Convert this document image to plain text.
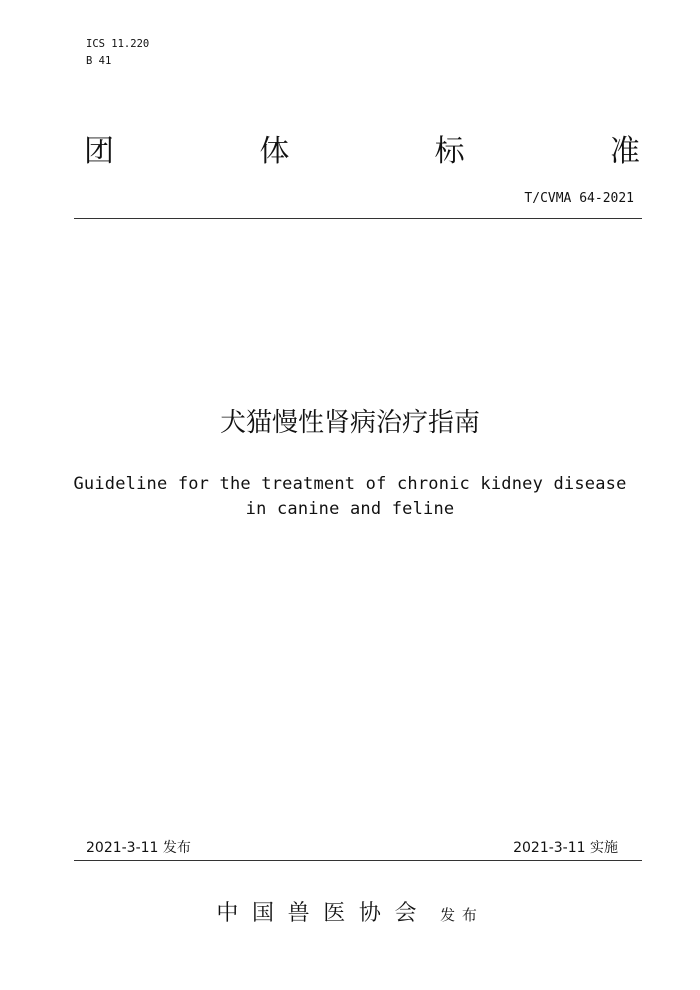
ICS 11.220
B 41
团	体	标	准
T/CVMA 64-2021
犬猫慢性肾病治疗指南
Guideline for the treatment of chronic kidney disease
in canine and feline
2021-3-11 发布	2021-3-11 实施
中国兽医协会 发布
